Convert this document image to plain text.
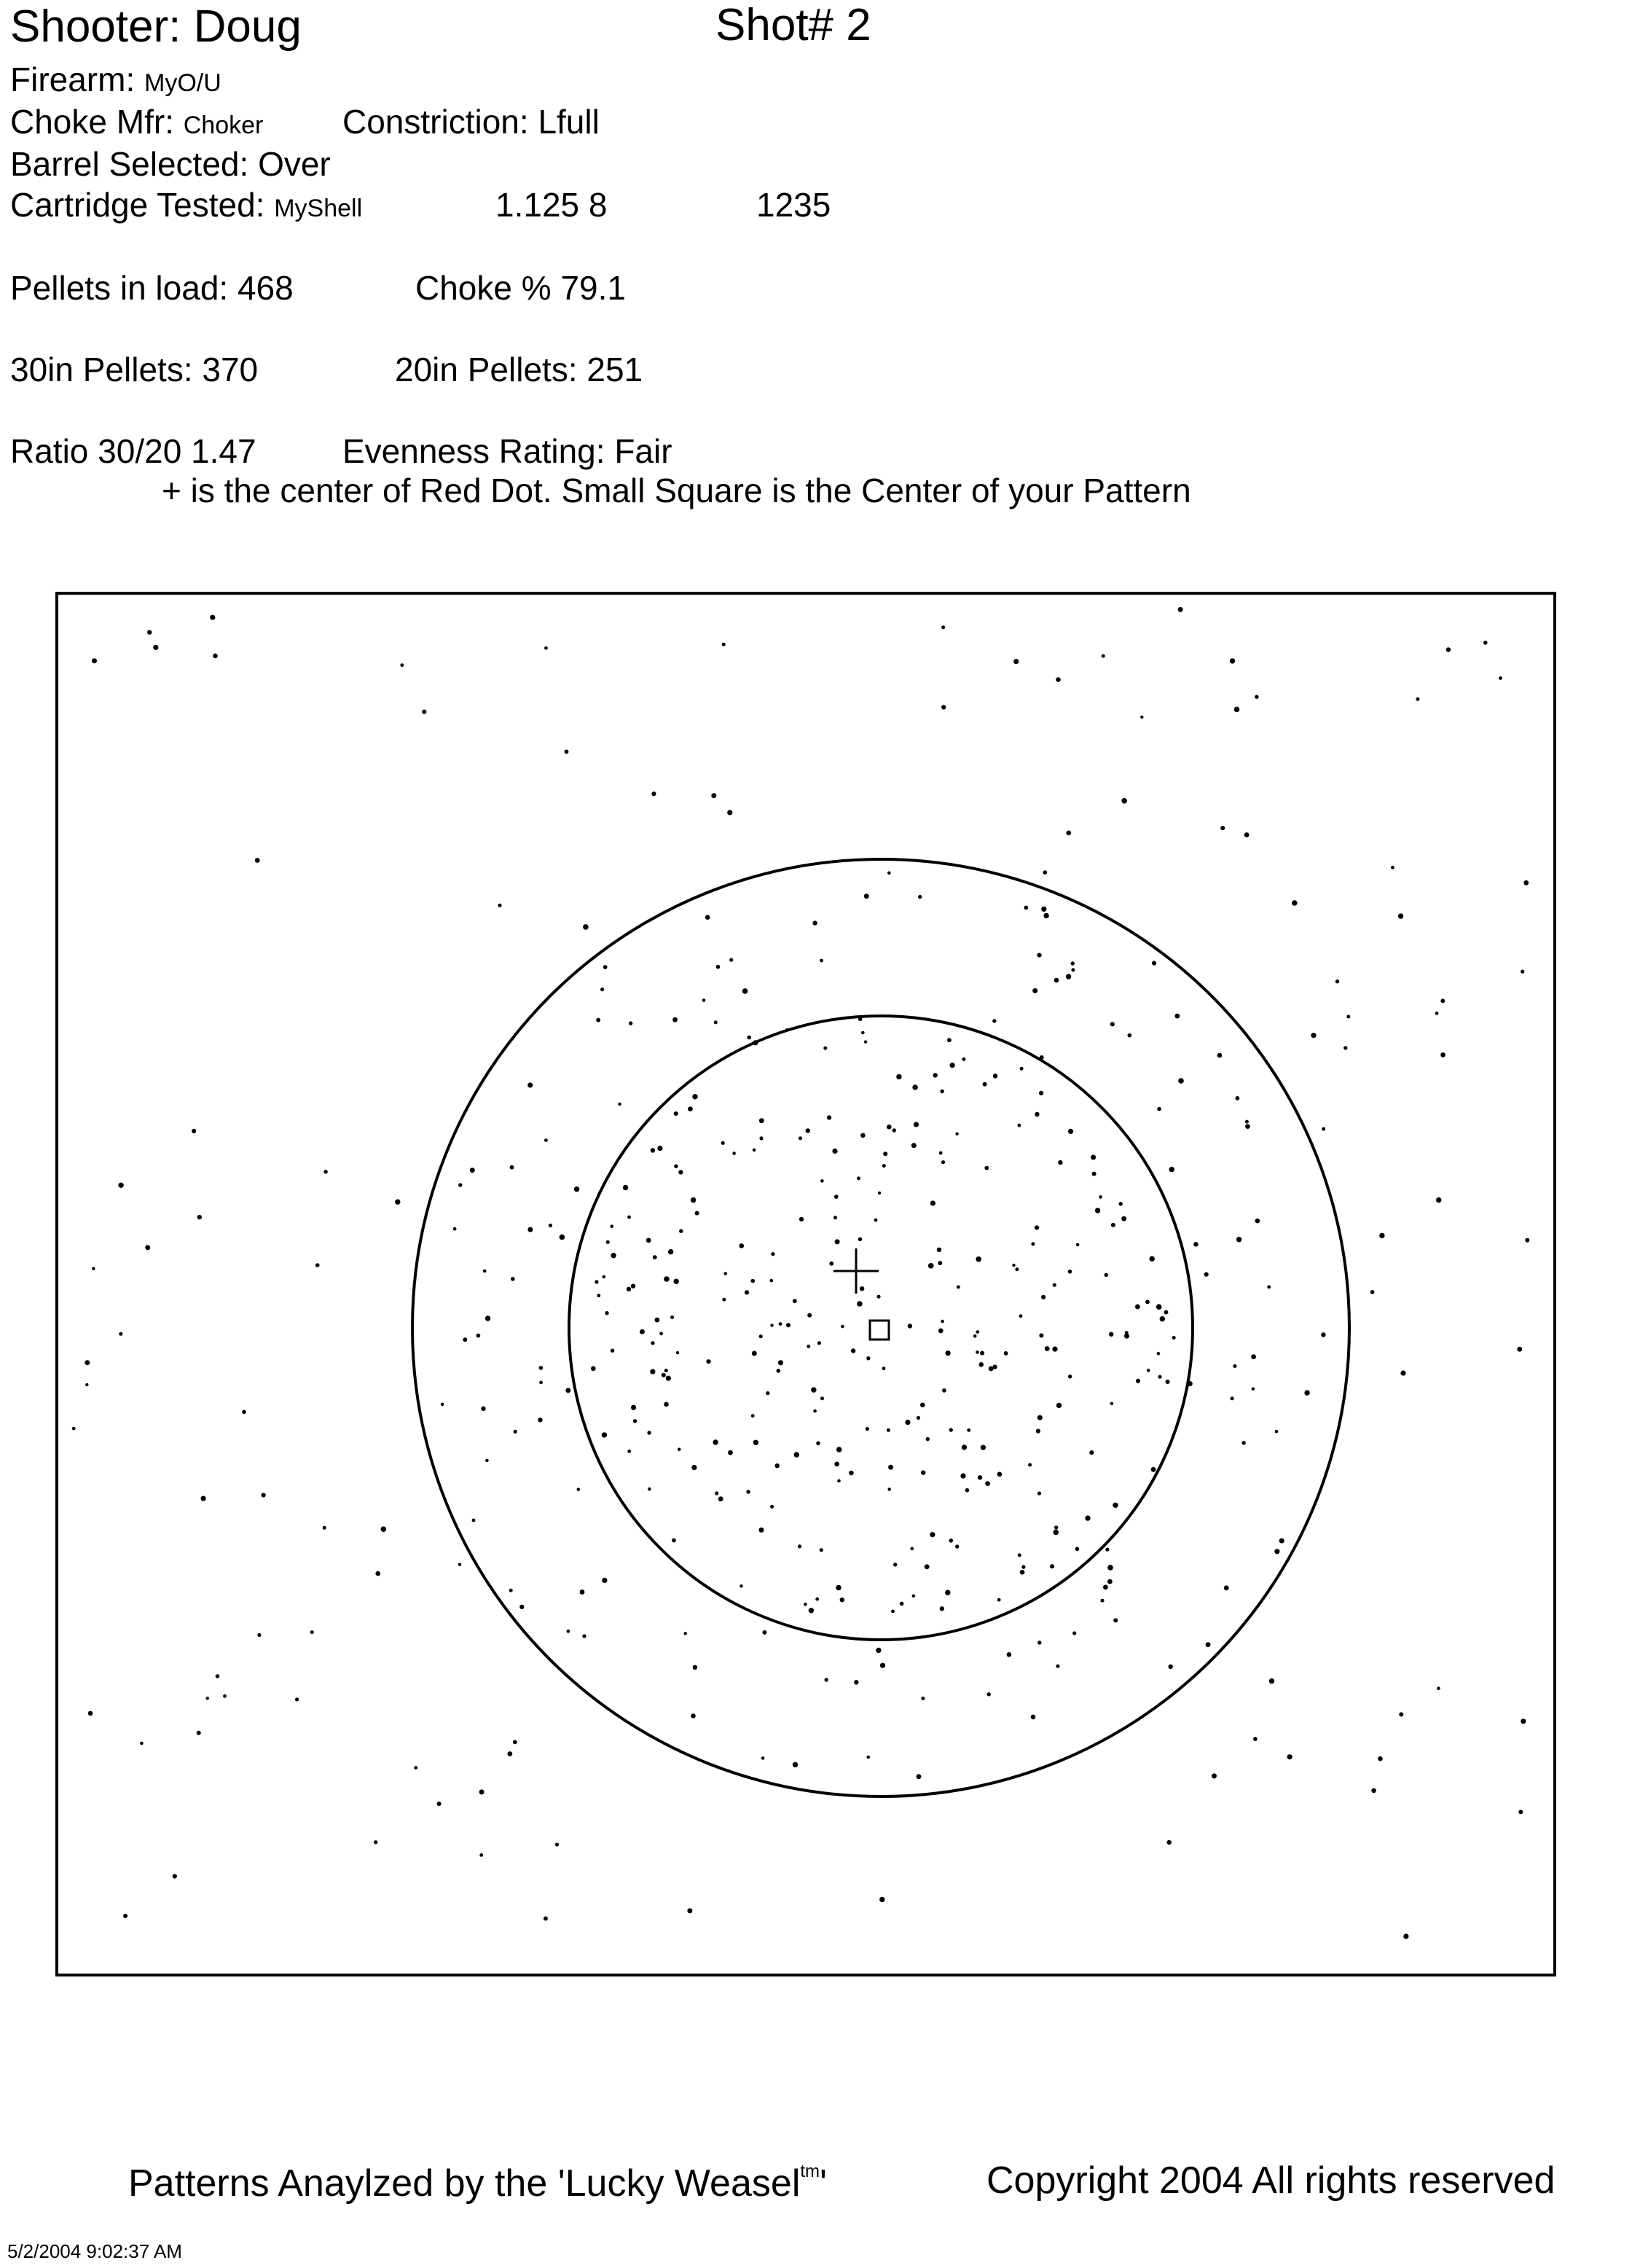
Shooter: Doug	Shot# 2
Firearm: MyO/U
Choke Mfr: Choker Constriction: Lfull
Barrel Selected: Over
Cartridge Tested: MyShell	1.125 8	1235
Pellets in load: 468	Choke % 79.1
30in Pellets: 370	20in Pellets: 251
Ratio 30/20 1.47	Evenness Rating: Fair
+ is the center of Red Dot. Small Square is the Center of your Pattern
Patterns Anaylzed by the 'Lucky Weasel$^{tm}$'	Copyright 2004 All rights reserved
5/2/2004 9:02:37 AM
